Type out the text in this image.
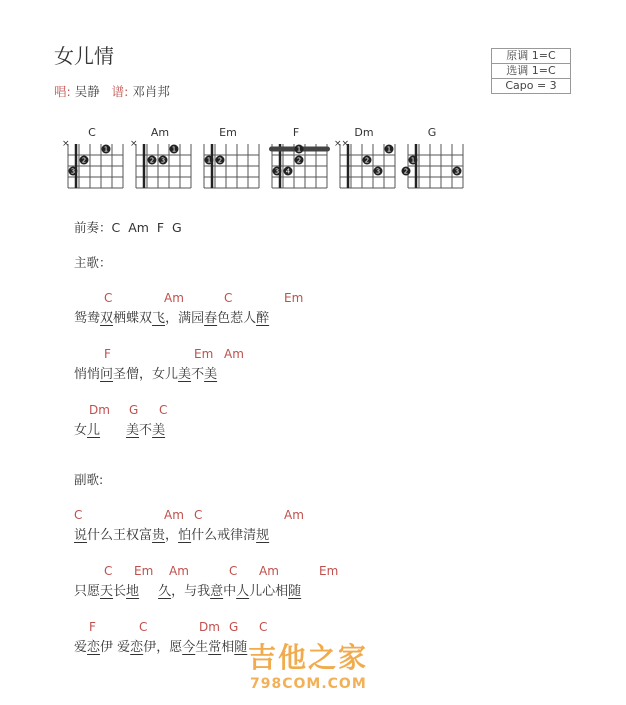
女儿情
唱: 吴静 谱: 邓肖邦
原调 1=C
选调 1=C
Capo = 3
C
×
1
2
3
Am
×
1
2 3
Em
1 2
F
1
2
3 4
Dm
××
1
2
3
G
1
2	3
前奏：C  Am  F  G
主歌：
C	Am	C	Em
鸳鸯双栖蝶双飞，满园春色惹人醉
F	Em Am
悄悄问圣僧，女儿美不美
Dm G C
女儿 美不美
副歌:
C	Am C	Am
说什么王权富贵，怕什么戒律清规
C Em Am	C Am	Em
只愿天长地 久，与我意中人儿心相随
F	C	Dm G C
爱恋伊 爱恋伊，愿今生常相随 吉他之家
798COM.COM
